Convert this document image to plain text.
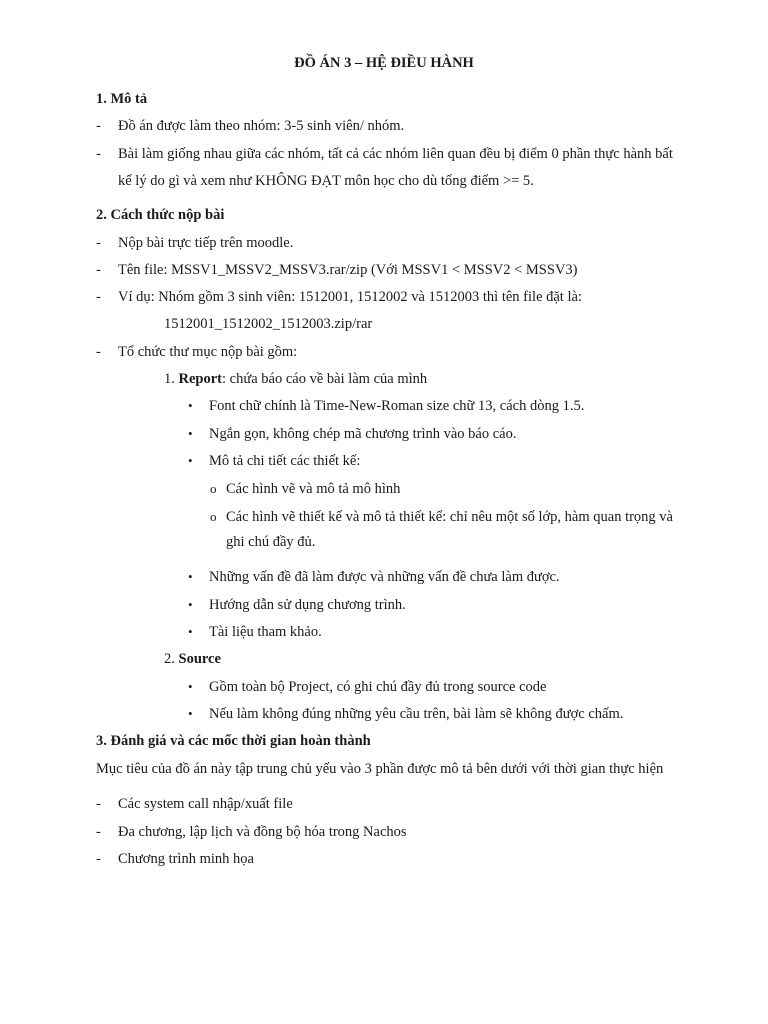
ĐỒ ÁN 3 – HỆ ĐIỀU HÀNH
1. Mô tả
- Đồ án được làm theo nhóm: 3-5 sinh viên/ nhóm.
- Bài làm giống nhau giữa các nhóm, tất cả các nhóm liên quan đều bị điểm 0 phần thực hành bất
kể lý do gì và xem như KHÔNG ĐẠT môn học cho dù tổng điểm >= 5.
2. Cách thức nộp bài
- Nộp bài trực tiếp trên moodle.
- Tên file: MSSV1_MSSV2_MSSV3.rar/zip (Với MSSV1 < MSSV2 < MSSV3)
- Ví dụ: Nhóm gồm 3 sinh viên: 1512001, 1512002 và 1512003 thì tên file đặt là:
1512001_1512002_1512003.zip/rar
- Tổ chức thư mục nộp bài gồm:
1. Report: chứa báo cáo về bài làm của mình
• Font chữ chính là Time-New-Roman size chữ 13, cách dòng 1.5.
• Ngắn gọn, không chép mã chương trình vào báo cáo.
• Mô tả chi tiết các thiết kế:
o Các hình vẽ và mô tả mô hình
o Các hình vẽ thiết kế và mô tả thiết kế: chỉ nêu một số lớp, hàm quan trọng và
ghi chú đầy đủ.
• Những vấn đề đã làm được và những vấn đề chưa làm được.
• Hướng dẫn sử dụng chương trình.
• Tài liệu tham khảo.
2. Source
• Gồm toàn bộ Project, có ghi chú đầy đủ trong source code
• Nếu làm không đúng những yêu cầu trên, bài làm sẽ không được chấm.
3. Đánh giá và các mốc thời gian hoàn thành
Mục tiêu của đồ án này tập trung chủ yếu vào 3 phần được mô tả bên dưới với thời gian thực hiện
- Các system call nhập/xuất file
- Đa chương, lập lịch và đồng bộ hóa trong Nachos
- Chương trình minh họa
